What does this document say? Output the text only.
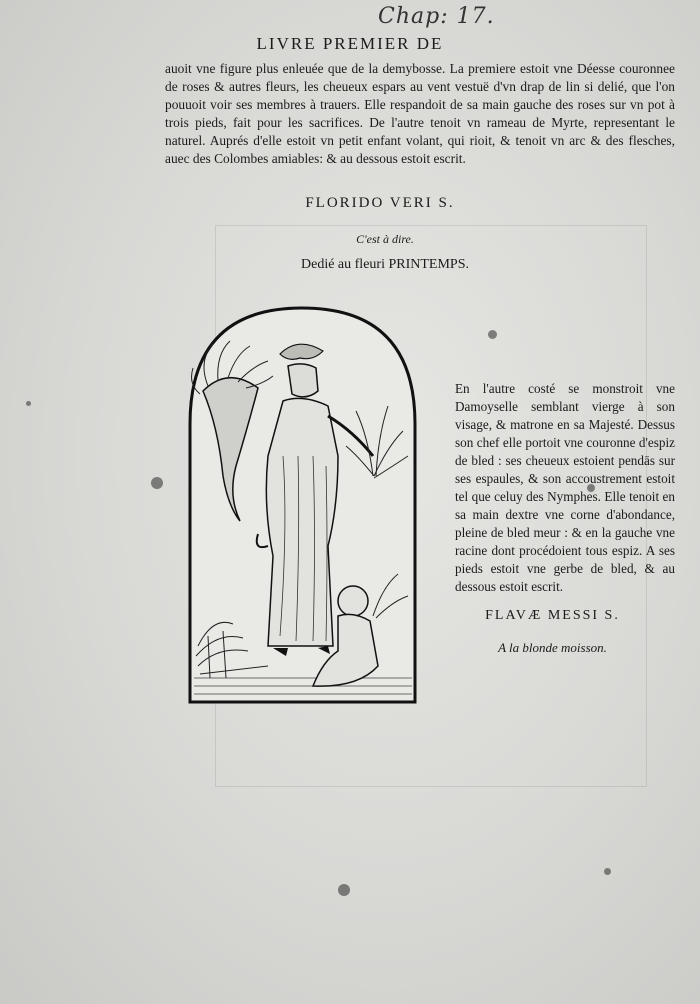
Chap: 17.
LIVRE PREMIER DE
auoit vne figure plus enleuée que de la demybosse. La premiere estoit vne Déesse couronnee de roses & autres fleurs, les cheueux espars au vent vestuë d'vn drap de lin si delié, que l'on pouuoit voir ses membres à trauers. Elle respandoit de sa main gauche des roses sur vn pot à trois pieds, fait pour les sacrifices. De l'autre tenoit vn rameau de Myrte, representant le naturel. Auprés d'elle estoit vn petit enfant volant, qui rioit, & tenoit vn arc & des flesches, auec des Colombes amiables: & au dessous estoit escrit.
FLORIDO VERI S.
C'est à dire.
Dedié au fleuri PRINTEMPS.
En l'autre costé se monstroit vne Damoyselle semblant vierge à son visage, & matrone en sa Majesté. Dessus son chef elle portoit vne couronne d'espiz de bled : ses cheueux estoient pendās sur ses espaules, & son accoustrement estoit tel que celuy des Nymphes. Elle tenoit en sa main dextre vne corne d'abondance, pleine de bled meur : & en la gauche vne racine dont procédoient tous espiz. A ses pieds estoit vne gerbe de bled, & au dessous estoit escrit.
FLAVÆ MESSI S.
A la blonde moisson.
